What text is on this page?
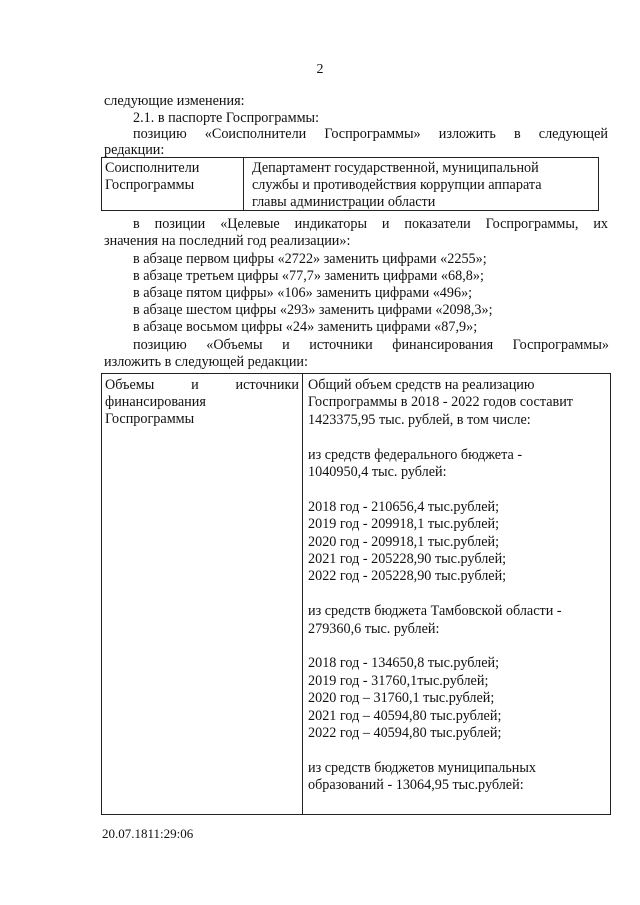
2
следующие изменения:
2.1. в паспорте Госпрограммы:
позицию «Соисполнители Госпрограммы» изложить в следующей
редакции:
Соисполнители
Госпрограммы
Департамент государственной, муниципальной
службы и противодействия коррупции аппарата
главы администрации области
в позиции «Целевые индикаторы и показатели Госпрограммы, их
значения на последний год реализации»:
в абзаце первом цифры «2722» заменить цифрами «2255»;
в абзаце третьем цифры «77,7» заменить цифрами «68,8»;
в абзаце пятом цифры» «106» заменить цифрами «496»;
в абзаце шестом цифры «293» заменить цифрами «2098,3»;
в абзаце восьмом цифры «24» заменить цифрами «87,9»;
позицию «Объемы и источники финансирования Госпрограммы»
изложить в следующей редакции:
Объемы	и	источники
финансирования
Госпрограммы
Общий объем средств на реализацию
Госпрограммы в 2018 - 2022 годов составит
1423375,95 тыс. рублей, в том числе:
из средств федерального бюджета -
1040950,4 тыс. рублей:
2018 год - 210656,4 тыс.рублей;
2019 год - 209918,1 тыс.рублей;
2020 год - 209918,1 тыс.рублей;
2021 год - 205228,90 тыс.рублей;
2022 год - 205228,90 тыс.рублей;
из средств бюджета Тамбовской области -
279360,6 тыс. рублей:
2018 год - 134650,8 тыс.рублей;
2019 год - 31760,1тыс.рублей;
2020 год – 31760,1 тыс.рублей;
2021 год – 40594,80 тыс.рублей;
2022 год – 40594,80 тыс.рублей;
из средств бюджетов муниципальных
образований - 13064,95 тыс.рублей:
20.07.1811:29:06
